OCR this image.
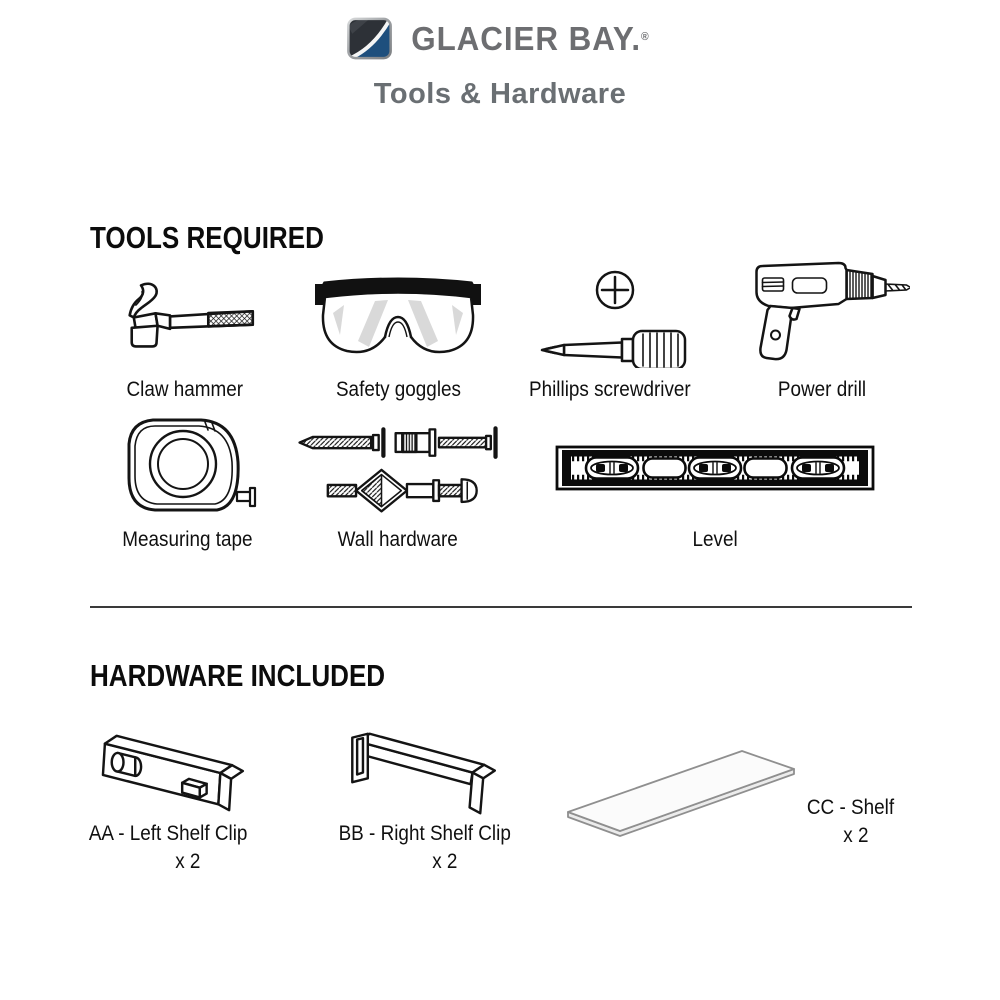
GLACIER BAY.®
Tools & Hardware
TOOLS REQUIRED
Claw hammer	Safety goggles	Phillips screwdriver	Power drill
Measuring tape	Wall hardware	Level
HARDWARE INCLUDED
AA - Left Shelf Clip
x 2
BB - Right Shelf Clip
x 2
CC - Shelf
x 2
